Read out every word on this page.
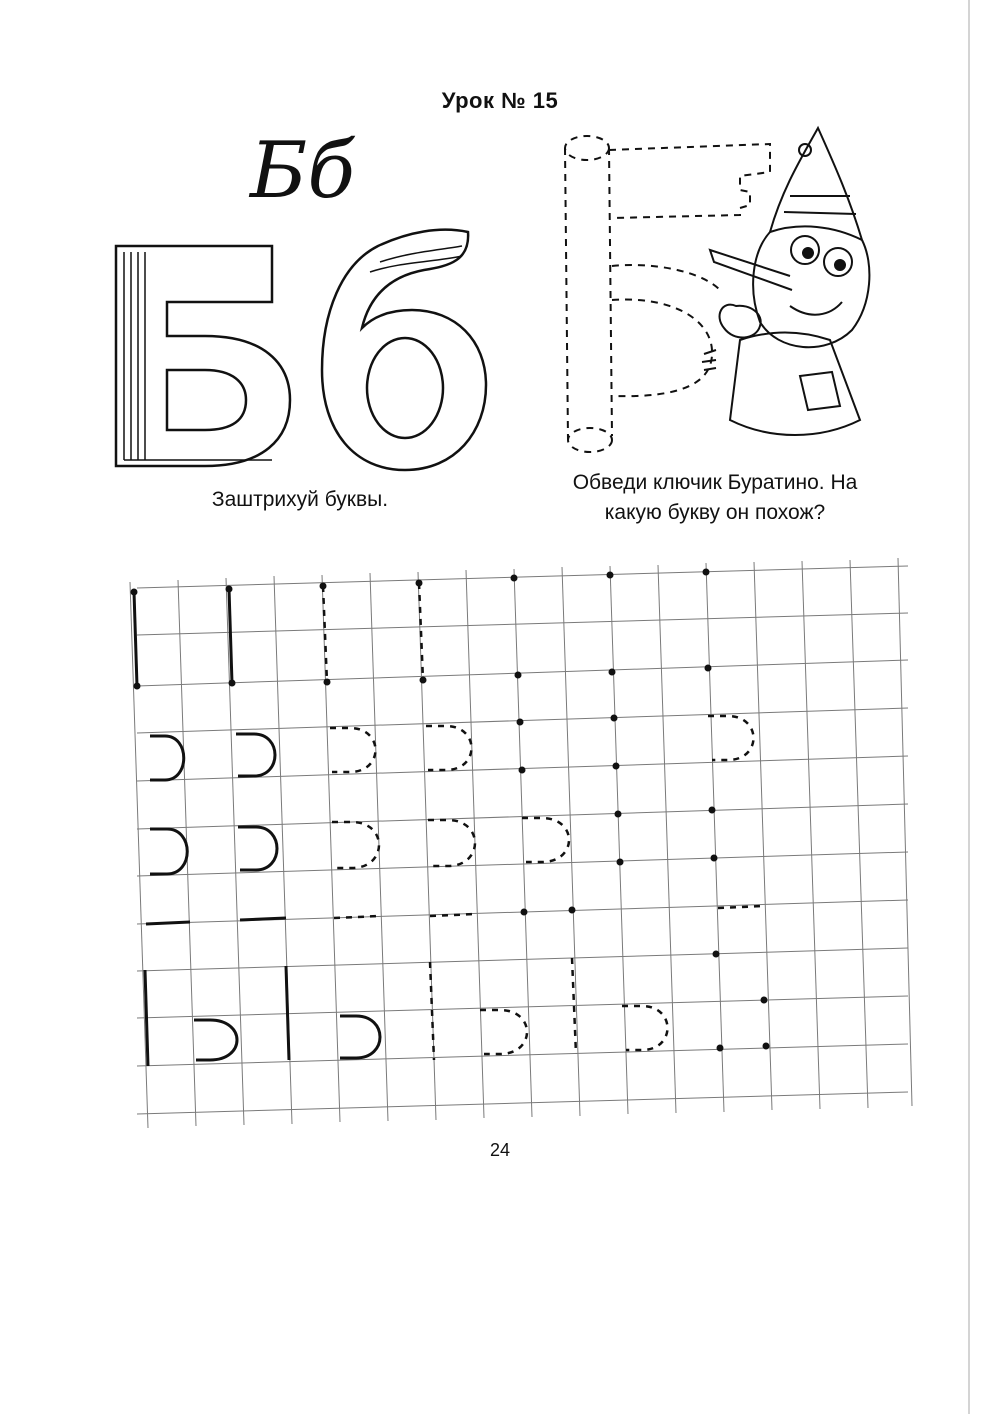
Урок № 15
Бб
Заштрихуй буквы.
Обведи ключик Буратино. На
какую букву он похож?
24
